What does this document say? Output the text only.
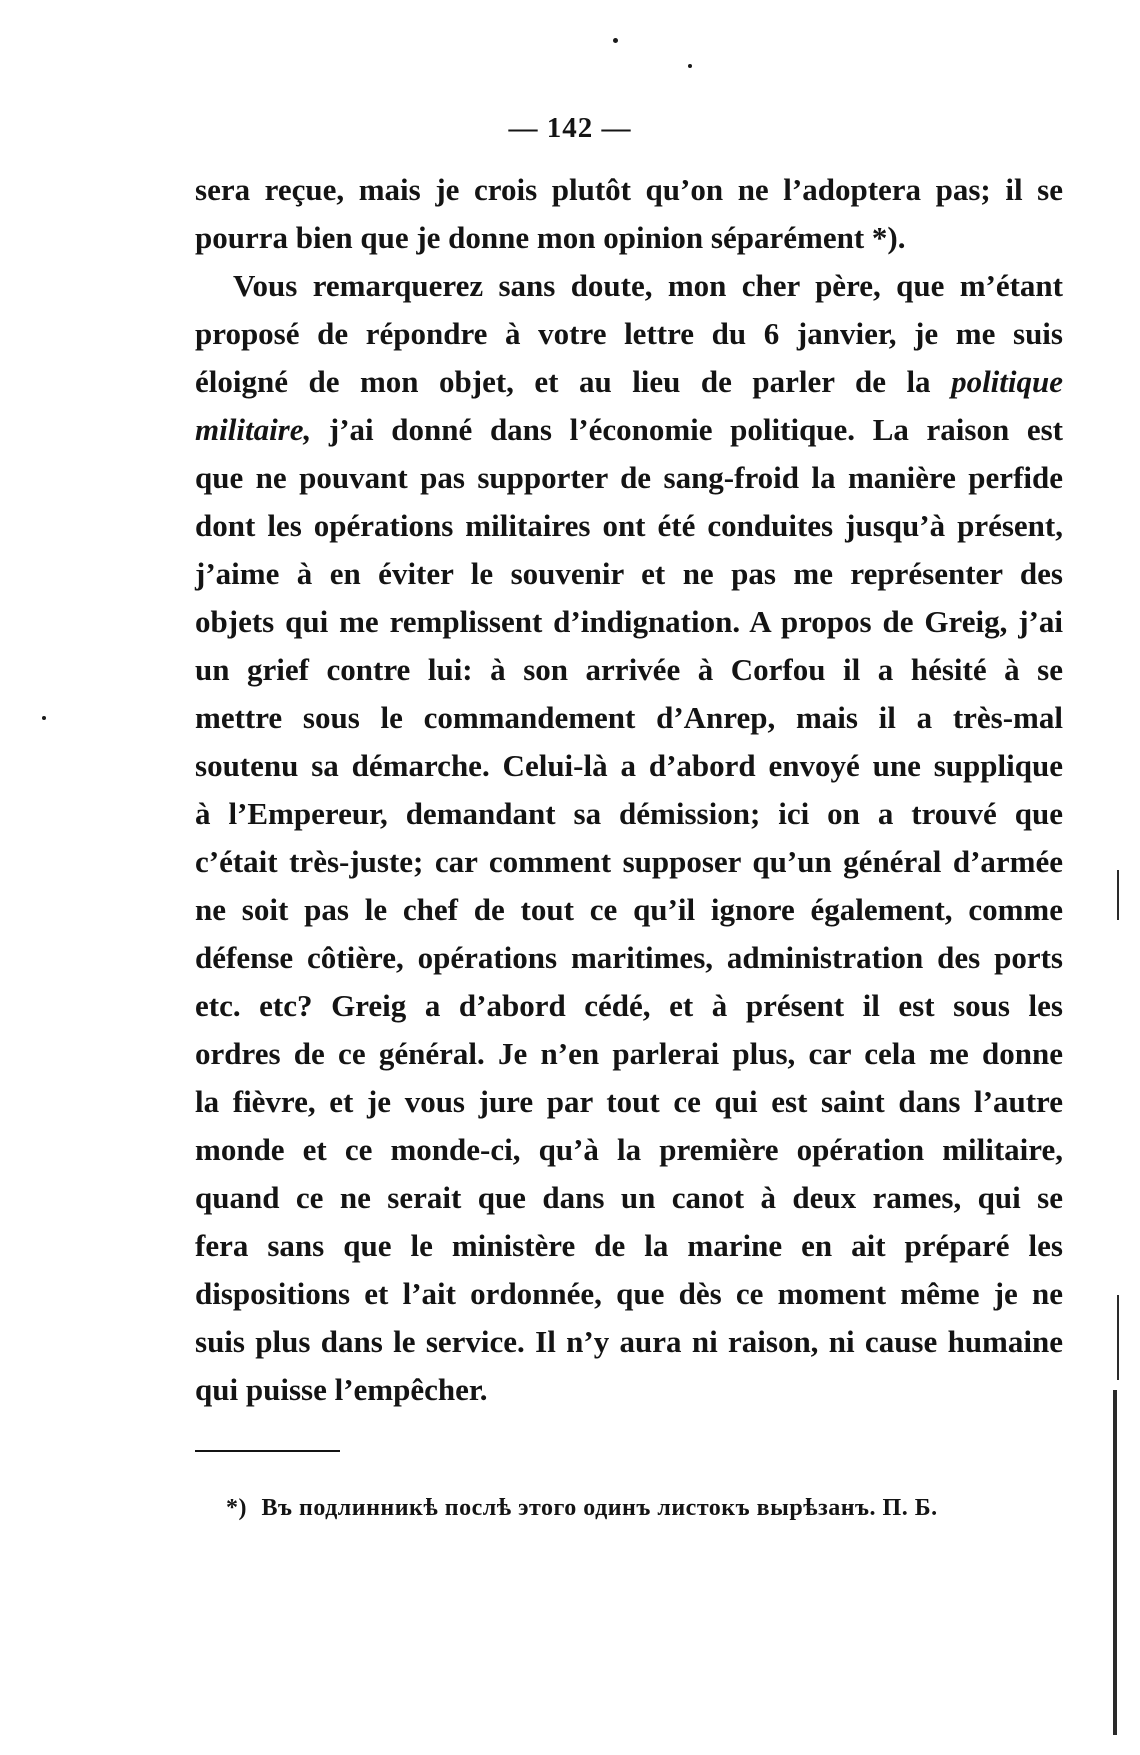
— 142 —
sera reçue, mais je crois plutôt qu’on ne l’adoptera pas; il se
pourra bien que je donne mon opinion séparément *).
Vous remarquerez sans doute, mon cher père, que m’étant
proposé de répondre à votre lettre du 6 janvier, je me suis
éloigné de mon objet, et au lieu de parler de la politique
militaire, j’ai donné dans l’économie politique. La raison est
que ne pouvant pas supporter de sang-froid la manière perfide
dont les opérations militaires ont été conduites jusqu’à présent,
j’aime à en éviter le souvenir et ne pas me représenter des
objets qui me remplissent d’indignation. A propos de Greig, j’ai
un grief contre lui: à son arrivée à Corfou il a hésité à se
mettre sous le commandement d’Anrep, mais il a très-mal
soutenu sa démarche. Celui-là a d’abord envoyé une supplique
à l’Empereur, demandant sa démission; ici on a trouvé que
c’était très-juste; car comment supposer qu’un général d’armée
ne soit pas le chef de tout ce qu’il ignore également, comme
défense côtière, opérations maritimes, administration des ports
etc. etc? Greig a d’abord cédé, et à présent il est sous les
ordres de ce général. Je n’en parlerai plus, car cela me donne
la fièvre, et je vous jure par tout ce qui est saint dans l’autre
monde et ce monde-ci, qu’à la première opération militaire,
quand ce ne serait que dans un canot à deux rames, qui se
fera sans que le ministère de la marine en ait préparé les
dispositions et l’ait ordonnée, que dès ce moment même je ne
suis plus dans le service. Il n’y aura ni raison, ni cause humaine
qui puisse l’empêcher.
*) Въ подлинникѣ послѣ этого одинъ листокъ вырѣзанъ. П. Б.
